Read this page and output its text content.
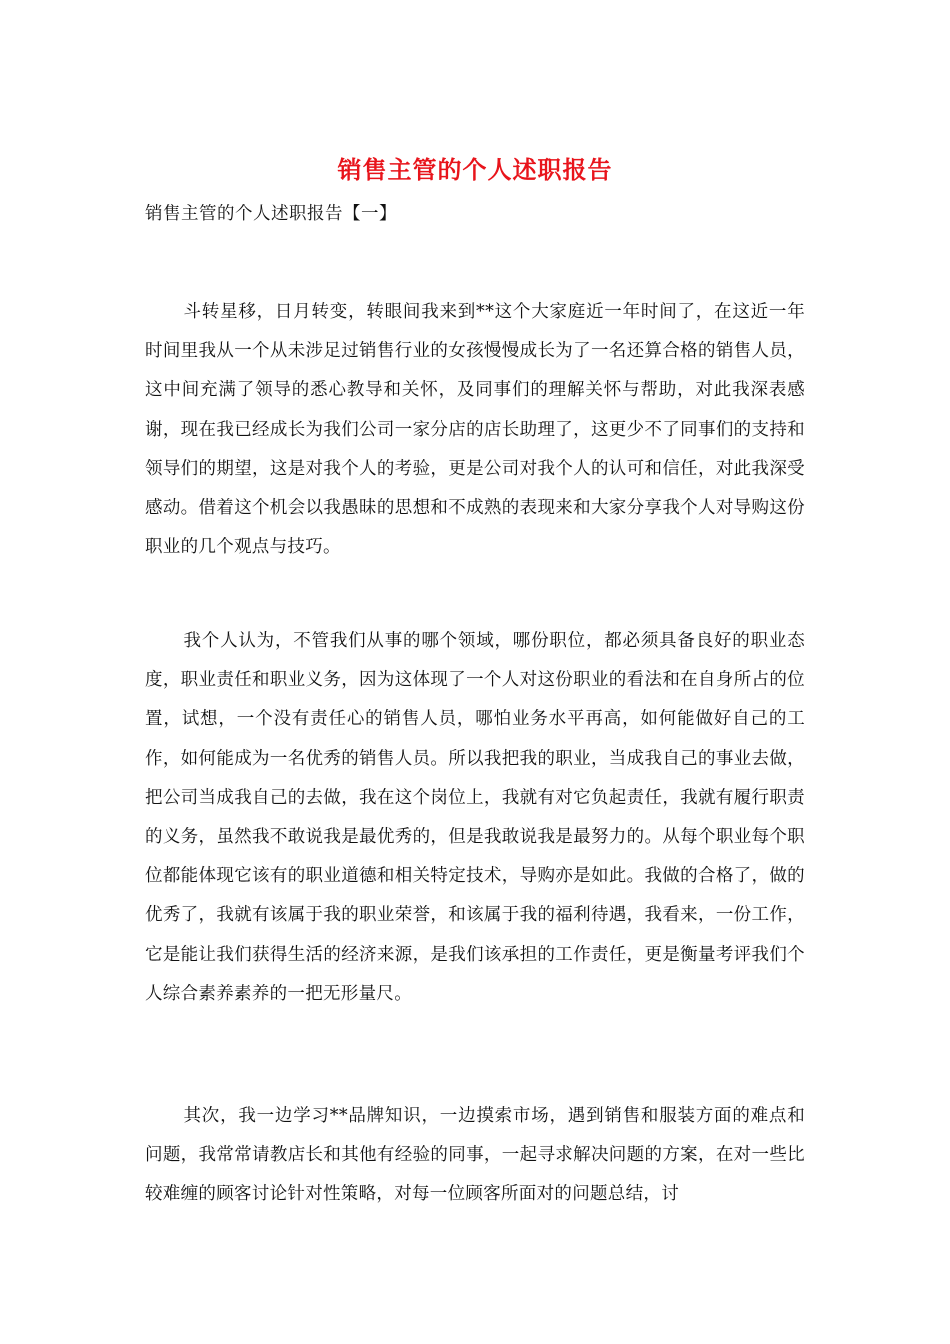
销售主管的个人述职报告
销售主管的个人述职报告【一】

斗转星移，日月转变，转眼间我来到**这个大家庭近一年时间了，在这近一年时间里我从一个从未涉足过销售行业的女孩慢慢成长为了一名还算合格的销售人员，这中间充满了领导的悉心教导和关怀，及同事们的理解关怀与帮助，对此我深表感谢，现在我已经成长为我们公司一家分店的店长助理了，这更少不了同事们的支持和领导们的期望，这是对我个人的考验，更是公司对我个人的认可和信任，对此我深受感动。借着这个机会以我愚昧的思想和不成熟的表现来和大家分享我个人对导购这份职业的几个观点与技巧。

我个人认为，不管我们从事的哪个领域，哪份职位，都必须具备良好的职业态度，职业责任和职业义务，因为这体现了一个人对这份职业的看法和在自身所占的位置，试想，一个没有责任心的销售人员，哪怕业务水平再高，如何能做好自己的工作，如何能成为一名优秀的销售人员。所以我把我的职业，当成我自己的事业去做，把公司当成我自己的去做，我在这个岗位上，我就有对它负起责任，我就有履行职责的义务，虽然我不敢说我是最优秀的，但是我敢说我是最努力的。从每个职业每个职位都能体现它该有的职业道德和相关特定技术，导购亦是如此。我做的合格了，做的优秀了，我就有该属于我的职业荣誉，和该属于我的福利待遇，我看来，一份工作，它是能让我们获得生活的经济来源，是我们该承担的工作责任，更是衡量考评我们个人综合素养素养的一把无形量尺。

其次，我一边学习**品牌知识，一边摸索市场，遇到销售和服装方面的难点和问题，我常常请教店长和其他有经验的同事，一起寻求解决问题的方案，在对一些比较难缠的顾客讨论针对性策略，对每一位顾客所面对的问题总结，讨
